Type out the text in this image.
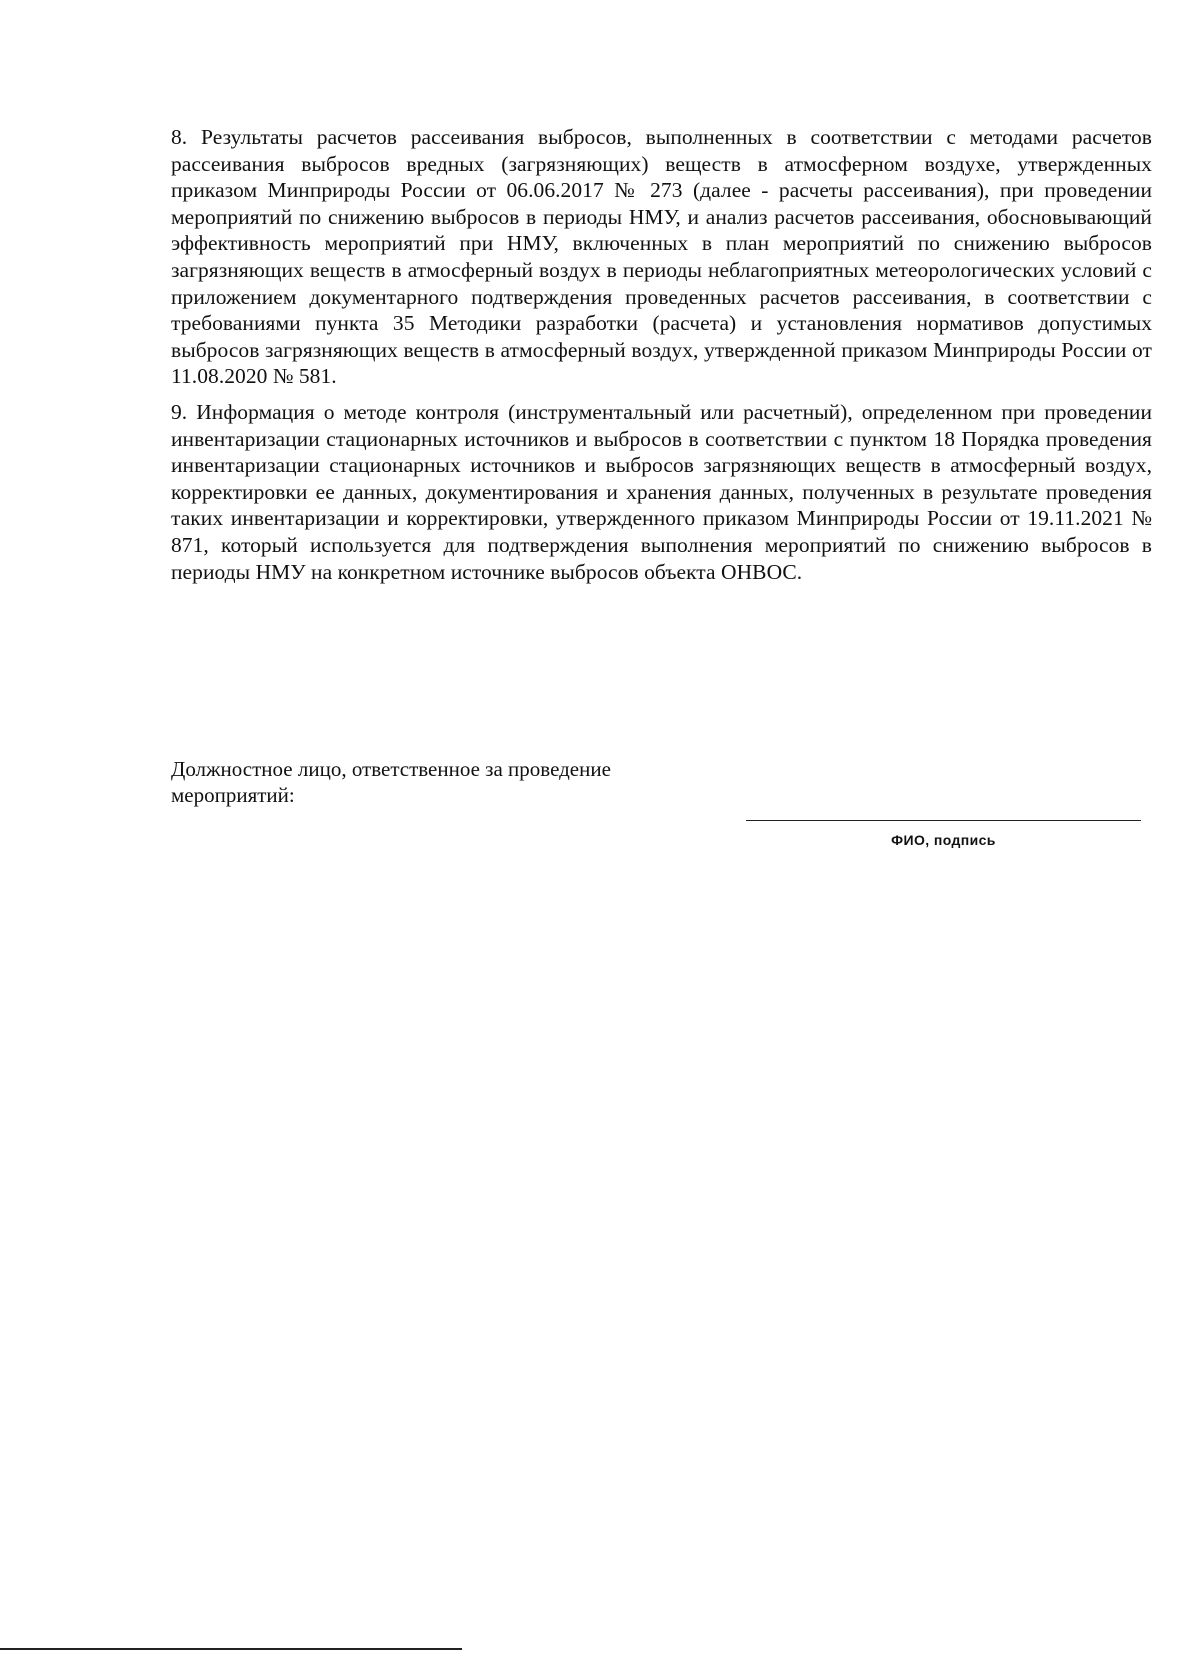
8. Результаты расчетов рассеивания выбросов, выполненных в соответствии с методами расчетов рассеивания выбросов вредных (загрязняющих) веществ в атмосферном воздухе, утвержденных приказом Минприроды России от 06.06.2017 № 273 (далее - расчеты рассеивания), при проведении мероприятий по снижению выбросов в периоды НМУ, и анализ расчетов рассеивания, обосновывающий эффективность мероприятий при НМУ, включенных в план мероприятий по снижению выбросов загрязняющих веществ в атмосферный воздух в периоды неблагоприятных метеорологических условий с приложением документарного подтверждения проведенных расчетов рассеивания, в соответствии с требованиями пункта 35 Методики разработки (расчета) и установления нормативов допустимых выбросов загрязняющих веществ в атмосферный воздух, утвержденной приказом Минприроды России от 11.08.2020 № 581.

9. Информация о методе контроля (инструментальный или расчетный), определенном при проведении инвентаризации стационарных источников и выбросов в соответствии с пунктом 18 Порядка проведения инвентаризации стационарных источников и выбросов загрязняющих веществ в атмосферный воздух, корректировки ее данных, документирования и хранения данных, полученных в результате проведения таких инвентаризации и корректировки, утвержденного приказом Минприроды России от 19.11.2021 № 871, который используется для подтверждения выполнения мероприятий по снижению выбросов в периоды НМУ на конкретном источнике выбросов объекта ОНВОС.

Должностное лицо, ответственное за проведение
мероприятий:
ФИО, подпись
